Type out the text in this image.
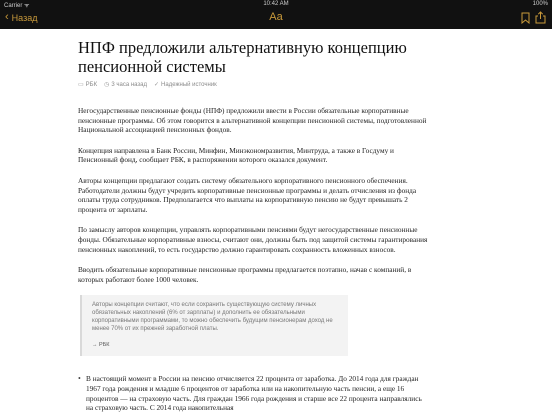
Carrier ᯤ	10:42 AM	100%
‹ Назад	Aa
НПФ предложили альтернативную концепцию пенсионной системы
▭ РБК ◷ 3 часа назад ✓ Надежный источник

Негосударственные пенсионные фонды (НПФ) предложили ввести в России обязательные корпоративные пенсионные программы. Об этом говорится в альтернативной концепции пенсионной системы, подготовленной Национальной ассоциацией пенсионных фондов.

Концепция направлена в Банк России, Минфин, Минэкономразвития, Минтруда, а также в Госдуму и Пенсионный фонд, сообщает РБК, в распоряжении которого оказался документ.

Авторы концепции предлагают создать систему обязательного корпоративного пенсионного обеспечения. Работодатели должны будут учредить корпоративные пенсионные программы и делать отчисления из фонда оплаты труда сотрудников. Предполагается что выплаты на корпоративную пенсию не будут превышать 2 процента от зарплаты.

По замыслу авторов концепции, управлять корпоративными пенсиями будут негосударственные пенсионные фонды. Обязательные корпоративные взносы, считают они, должны быть под защитой системы гарантирования пенсионных накоплений, то есть государство должно гарантировать сохранность вложенных взносов.

Вводить обязательные корпоративные пенсионные программы предлагается поэтапно, начав с компаний, в которых работают более 1000 человек.

Авторы концепции считают, что если сохранить существующую систему личных обязательных накоплений (6% от зарплаты) и дополнить ее обязательными корпоративными программами, то можно обеспечить будущим пенсионерам доход не менее 70% от их прежней заработной платы.
→ РБК

• В настоящий момент в России на пенсию отчисляется 22 процента от заработка. До 2014 года для граждан 1967 года рождения и младше 6 процентов от заработка или на накопительную часть пенсии, а еще 16 процентов — на страховую часть. Для граждан 1966 года рождения и старше все 22 процента направлялись на страховую часть. С 2014 года накопительная
